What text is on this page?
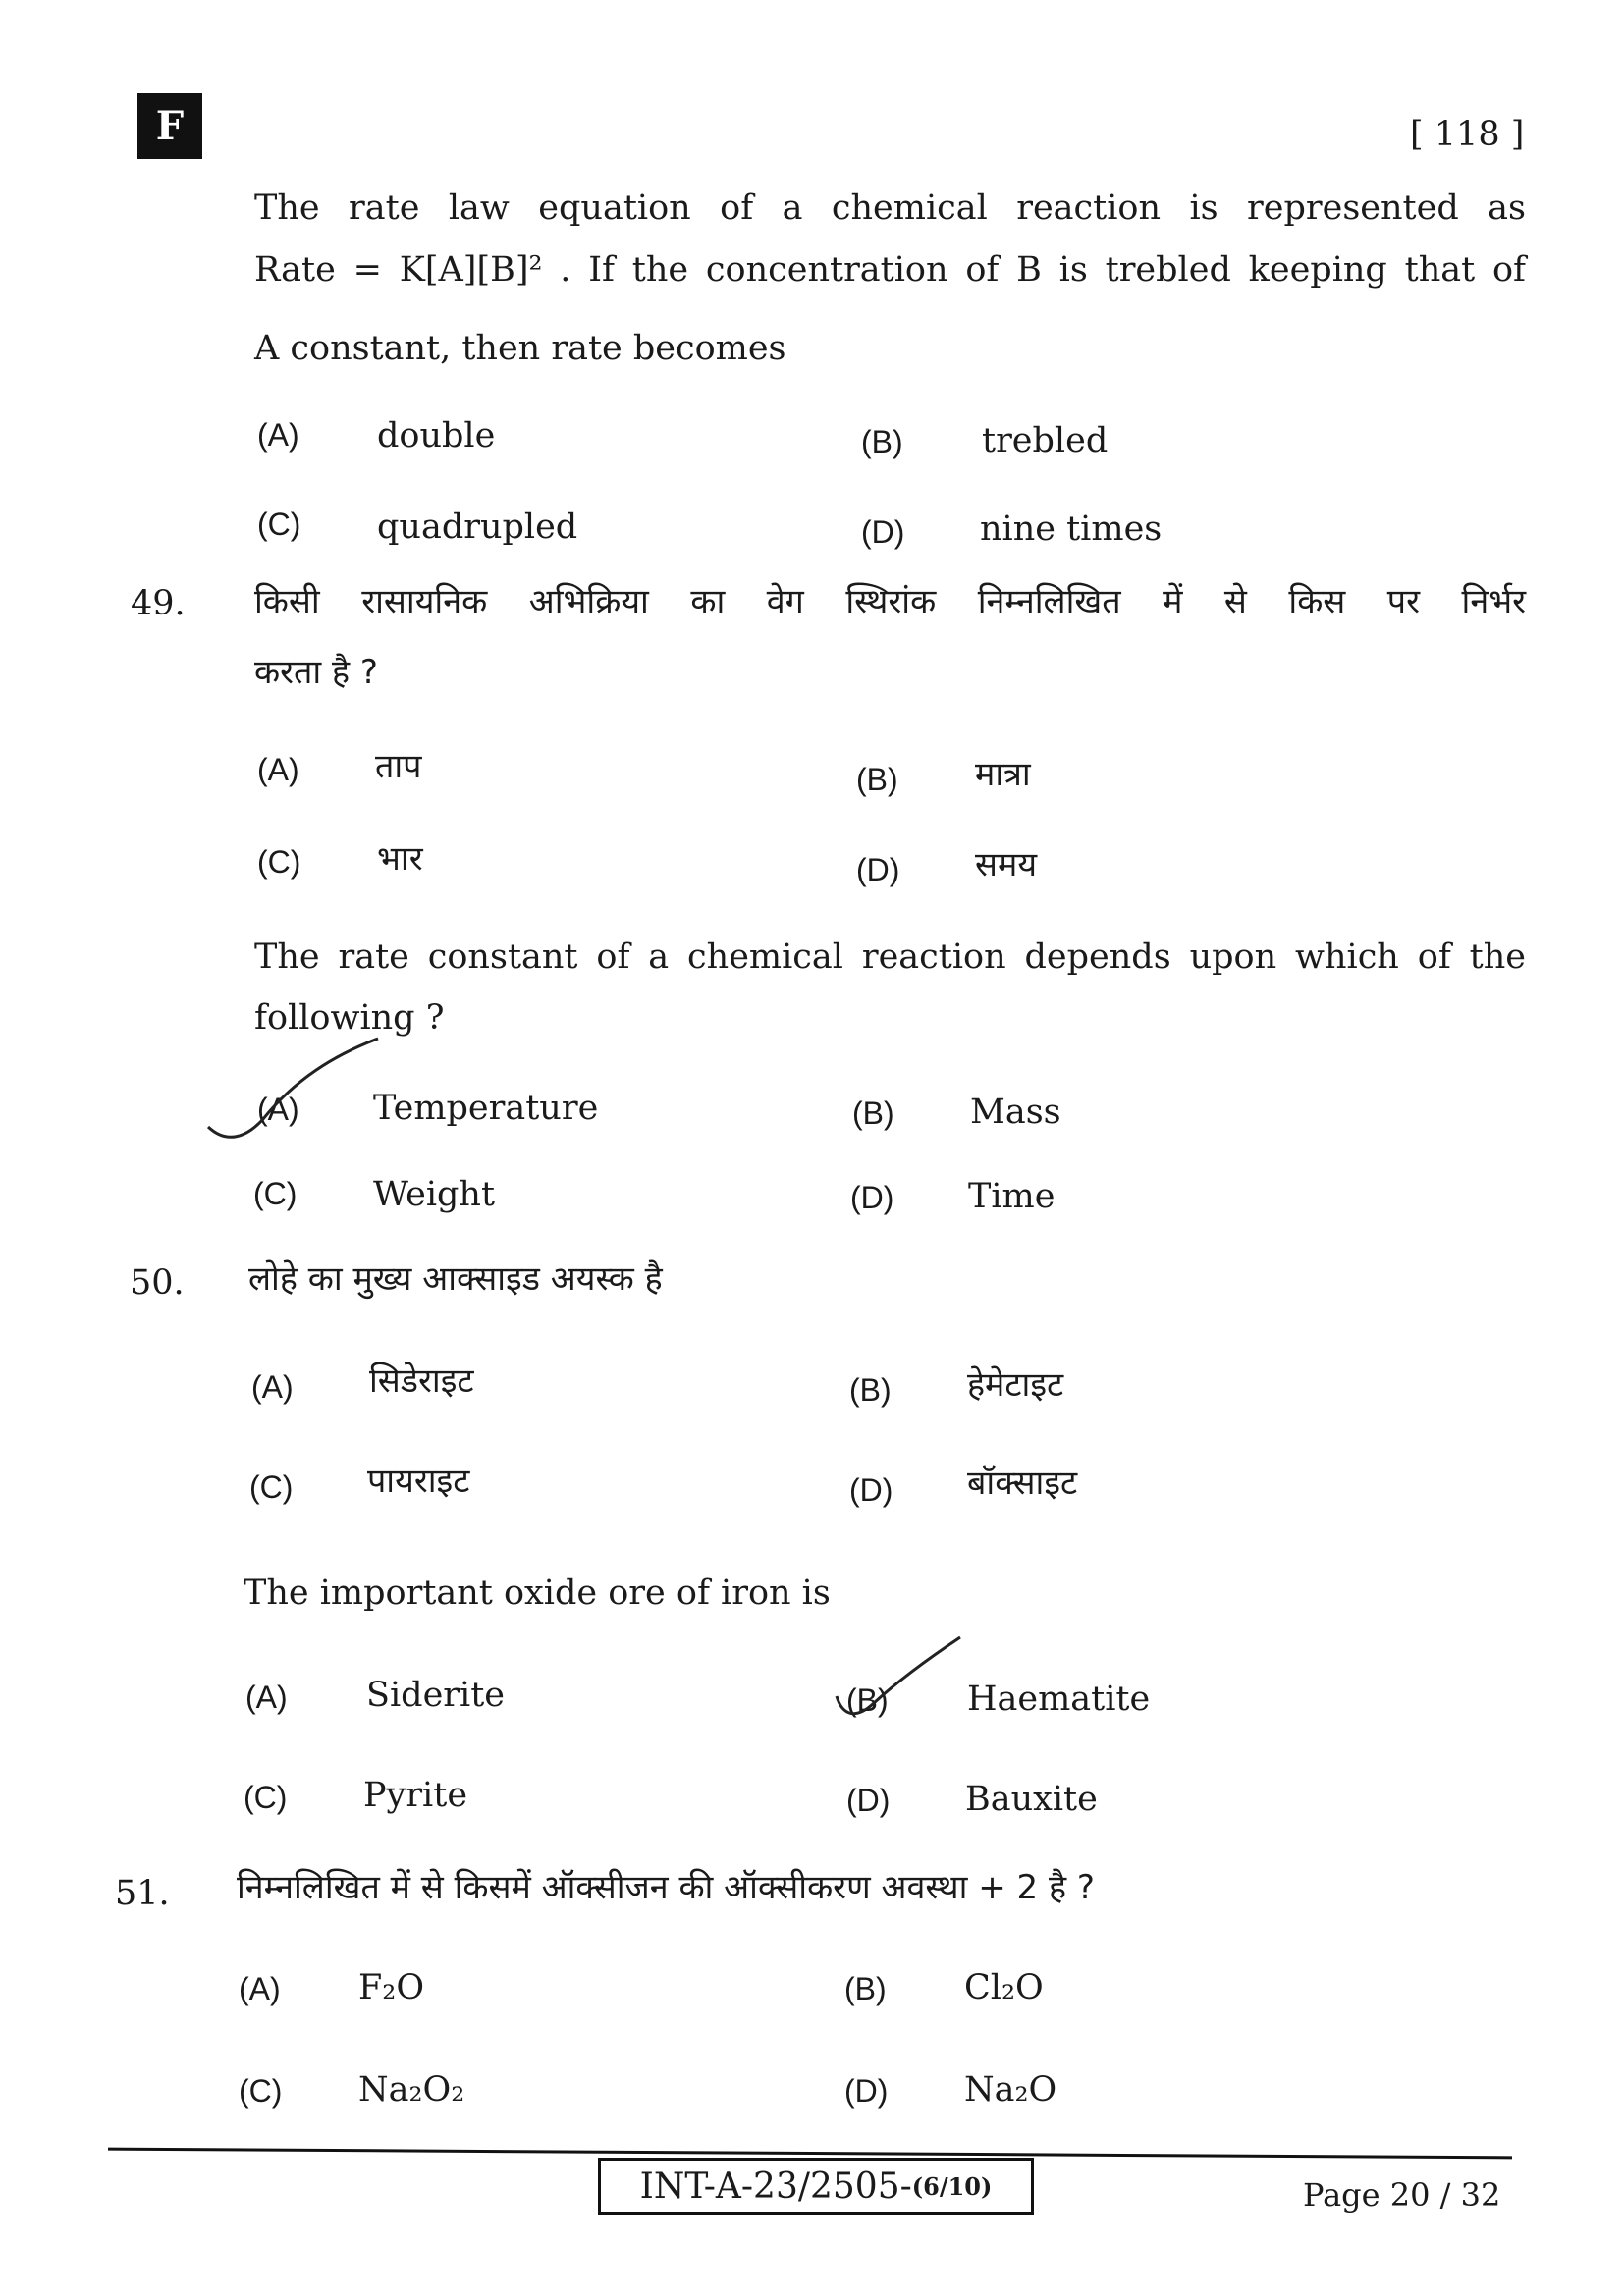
F	[ 118 ]
The rate law equation of a chemical reaction is represented as
Rate = K[A][B]² . If the concentration of B is trebled keeping that of
A constant, then rate becomes
(A) double	(B) trebled
(C) quadrupled	(D) nine times
49. किसी रासायनिक अभिक्रिया का वेग स्थिरांक निम्नलिखित में से किस पर निर्भर
करता है ?
(A) ताप	(B) मात्रा
(C) भार	(D) समय
The rate constant of a chemical reaction depends upon which of the
following ?
(A) Temperature	(B) Mass
(C) Weight	(D) Time
50. लोहे का मुख्य आक्साइड अयस्क है
(A) सिडेराइट	(B) हेमेटाइट
(C) पायराइट	(D) बॉक्साइट
The important oxide ore of iron is
(A) Siderite	(B) Haematite
(C) Pyrite	(D) Bauxite
51. निम्नलिखित में से किसमें ऑक्सीजन की ऑक्सीकरण अवस्था + 2 है ?
(A) F₂O	(B) Cl₂O
(C) Na₂O₂	(D) Na₂O
INT-A-23/2505- (6/10)	Page 20 / 32
